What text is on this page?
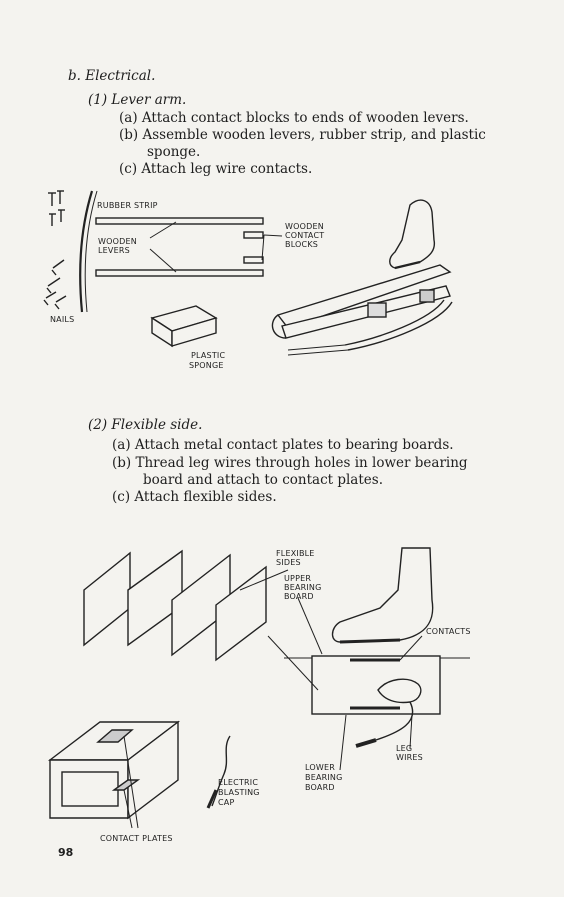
b. Electrical.
(1) Lever arm.
(a) Attach contact blocks to ends of wooden levers.
(b) Assemble wooden levers, rubber strip, and plastic
sponge.
(c) Attach leg wire contacts.
RUBBER STRIP
WOODEN
CONTACT
BLOCKS
WOODEN
LEVERS
NAILS
PLASTIC
SPONGE
(2) Flexible side.
(a) Attach metal contact plates to bearing boards.
(b) Thread leg wires through holes in lower bearing
board and attach to contact plates.
(c) Attach flexible sides.
FLEXIBLE
SIDES
UPPER
BEARING
BOARD
CONTACTS
LEG
WIRES
LOWER
BEARING
BOARD
ELECTRIC
BLASTING
CAP
CONTACT PLATES
98
